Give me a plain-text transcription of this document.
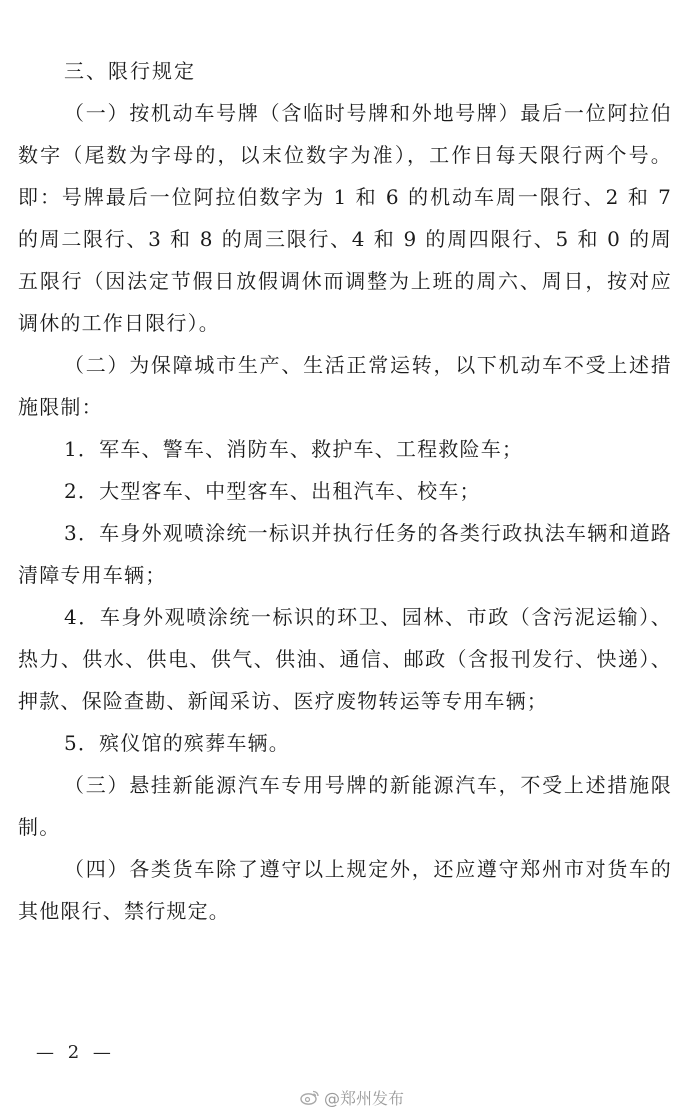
三、限行规定

（一）按机动车号牌（含临时号牌和外地号牌）最后一位阿拉伯数字（尾数为字母的，以末位数字为准），工作日每天限行两个号。即：号牌最后一位阿拉伯数字为 1 和 6 的机动车周一限行、2 和 7 的周二限行、3 和 8 的周三限行、4 和 9 的周四限行、5 和 0 的周五限行（因法定节假日放假调休而调整为上班的周六、周日，按对应调休的工作日限行）。

（二）为保障城市生产、生活正常运转，以下机动车不受上述措施限制：

1．军车、警车、消防车、救护车、工程救险车；

2．大型客车、中型客车、出租汽车、校车；

3．车身外观喷涂统一标识并执行任务的各类行政执法车辆和道路清障专用车辆；

4．车身外观喷涂统一标识的环卫、园林、市政（含污泥运输）、热力、供水、供电、供气、供油、通信、邮政（含报刊发行、快递）、押款、保险查勘、新闻采访、医疗废物转运等专用车辆；

5．殡仪馆的殡葬车辆。

（三）悬挂新能源汽车专用号牌的新能源汽车，不受上述措施限制。

（四）各类货车除了遵守以上规定外，还应遵守郑州市对货车的其他限行、禁行规定。

— 2 —
@郑州发布
